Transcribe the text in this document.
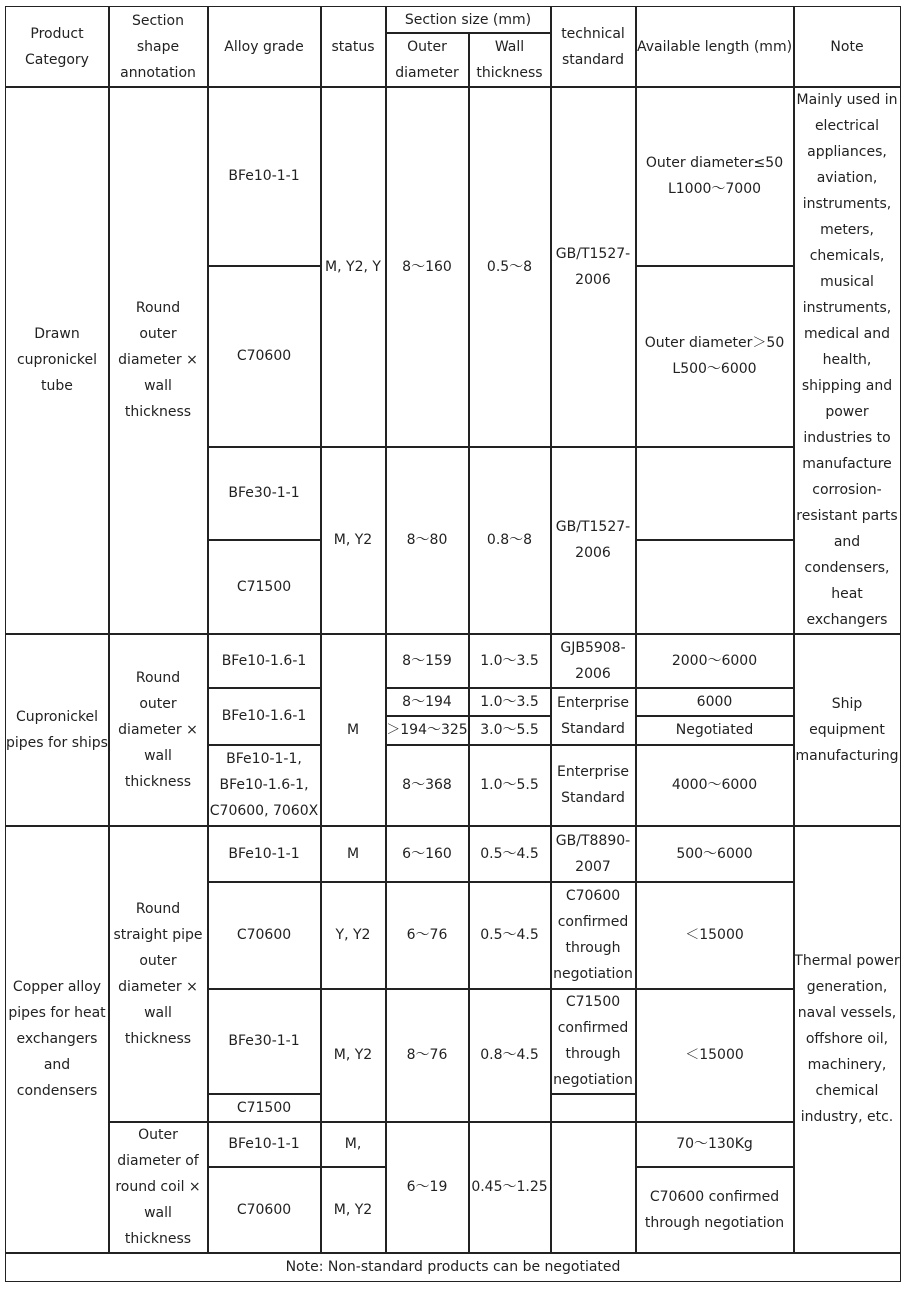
Product
Category
Section
shape
annotation
Alloy grade	status
Section size (mm)
Outer
diameter
Wall
thickness
technical
standard
Available length (mm)	Note
Drawn
cupronickel
tube
Round
outer
diameter ×
wall thickness
BFe10-1-1
C70600
BFe30-1-1
C71500
M, Y2, Y
M, Y2
8～160
8～80
0.5～8
0.8～8
GB/T1527-
2006
GB/T1527-
2006
Outer diameter≤50
L1000～7000
Outer diameter＞50
L500～6000
Mainly used in
electrical
appliances,
aviation,
instruments,
meters,
chemicals,
musical
instruments,
medical and
health,
shipping and
power
industries to
manufacture
corrosion-
resistant parts
and
condensers,
heat
exchangers
Cupronickel
pipes for ships
Round
outer
diameter ×
wall thickness
BFe10-1.6-1
BFe10-1.6-1
BFe10-1-1,
BFe10-1.6-1,
C70600, 7060X
M
8～159
8～194
＞194～325
8～368
1.0～3.5
1.0～3.5
3.0～5.5
1.0～5.5
GJB5908-
2006
Enterprise
Standard
Enterprise
Standard
2000～6000
6000
Negotiated
4000～6000
Ship
equipment
manufacturing
Copper alloy
pipes for heat
exchangers and
condensers
Round
straight pipe
outer
diameter ×
wall thickness
Outer
diameter of
round coil ×
wall thickness
BFe10-1-1
C70600
BFe30-1-1
C71500
BFe10-1-1
C70600
M
Y, Y2
M, Y2
M,
M, Y2
6～160
6～76
8～76
6～19
0.5～4.5
0.5～4.5
0.8～4.5
0.45～1.25
GB/T8890-
2007
C70600
confirmed
through
negotiation
C71500
confirmed
through
negotiation
500～6000
＜15000
＜15000
70～130Kg
C70600 confirmed
through negotiation
Thermal power
generation,
naval vessels,
offshore oil,
machinery,
chemical
industry, etc.
Note: Non-standard products can be negotiated
